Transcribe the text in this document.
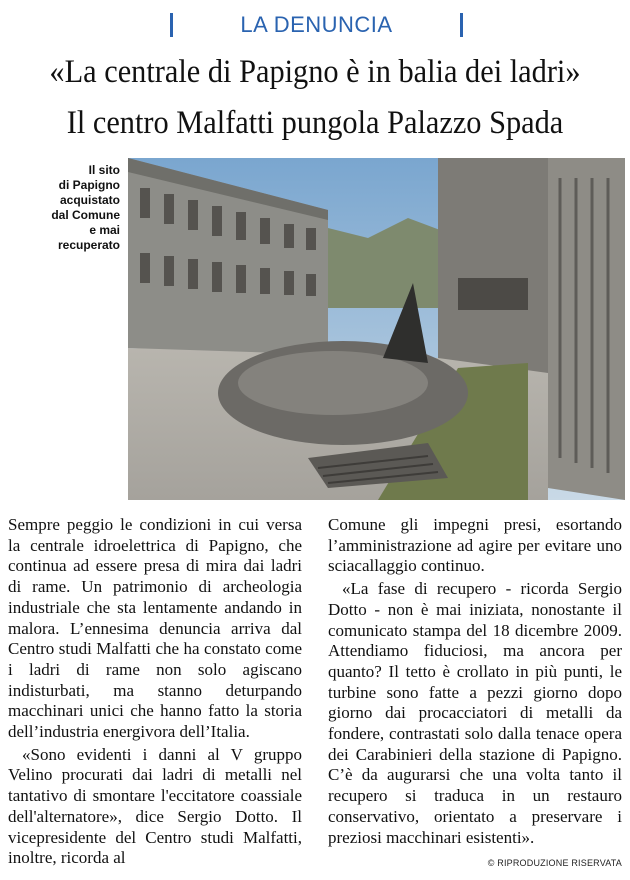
LA DENUNCIA
«La centrale di Papigno è in balia dei ladri»
Il centro Malfatti pungola Palazzo Spada
Il sito
di Papigno
acquistato
dal Comune
e mai
recuperato

Sempre peggio le condizioni in cui versa la centrale idroelettrica di Papigno, che continua ad essere presa di mira dai ladri di rame. Un patrimonio di archeologia industriale che sta lentamente andando in malora. L’ennesima denuncia arriva dal Centro studi Malfatti che ha constato come i ladri di rame non solo agiscano indisturbati, ma stanno deturpando macchinari unici che hanno fatto la storia dell’industria energivora dell’Italia.

«Sono evidenti i danni al V gruppo Velino procurati dai ladri di metalli nel tantativo di smontare l'eccitatore coassiale dell'alternatore», dice Sergio Dotto. Il vicepresidente del Centro studi Malfatti, inoltre, ricorda al

Comune gli impegni presi, esortando l’amministrazione ad agire per evitare uno sciacallaggio continuo.

«La fase di recupero - ricorda Sergio Dotto - non è mai iniziata, nonostante il comunicato stampa del 18 dicembre 2009. Attendiamo fiduciosi, ma ancora per quanto? Il tetto è crollato in più punti, le turbine sono fatte a pezzi giorno dopo giorno dai procacciatori di metalli da fondere, contrastati solo dalla tenace opera dei Carabinieri della stazione di Papigno. C’è da augurarsi che una volta tanto il recupero si traduca in un restauro conservativo, orientato a preservare i preziosi macchinari esistenti».

© RIPRODUZIONE RISERVATA
